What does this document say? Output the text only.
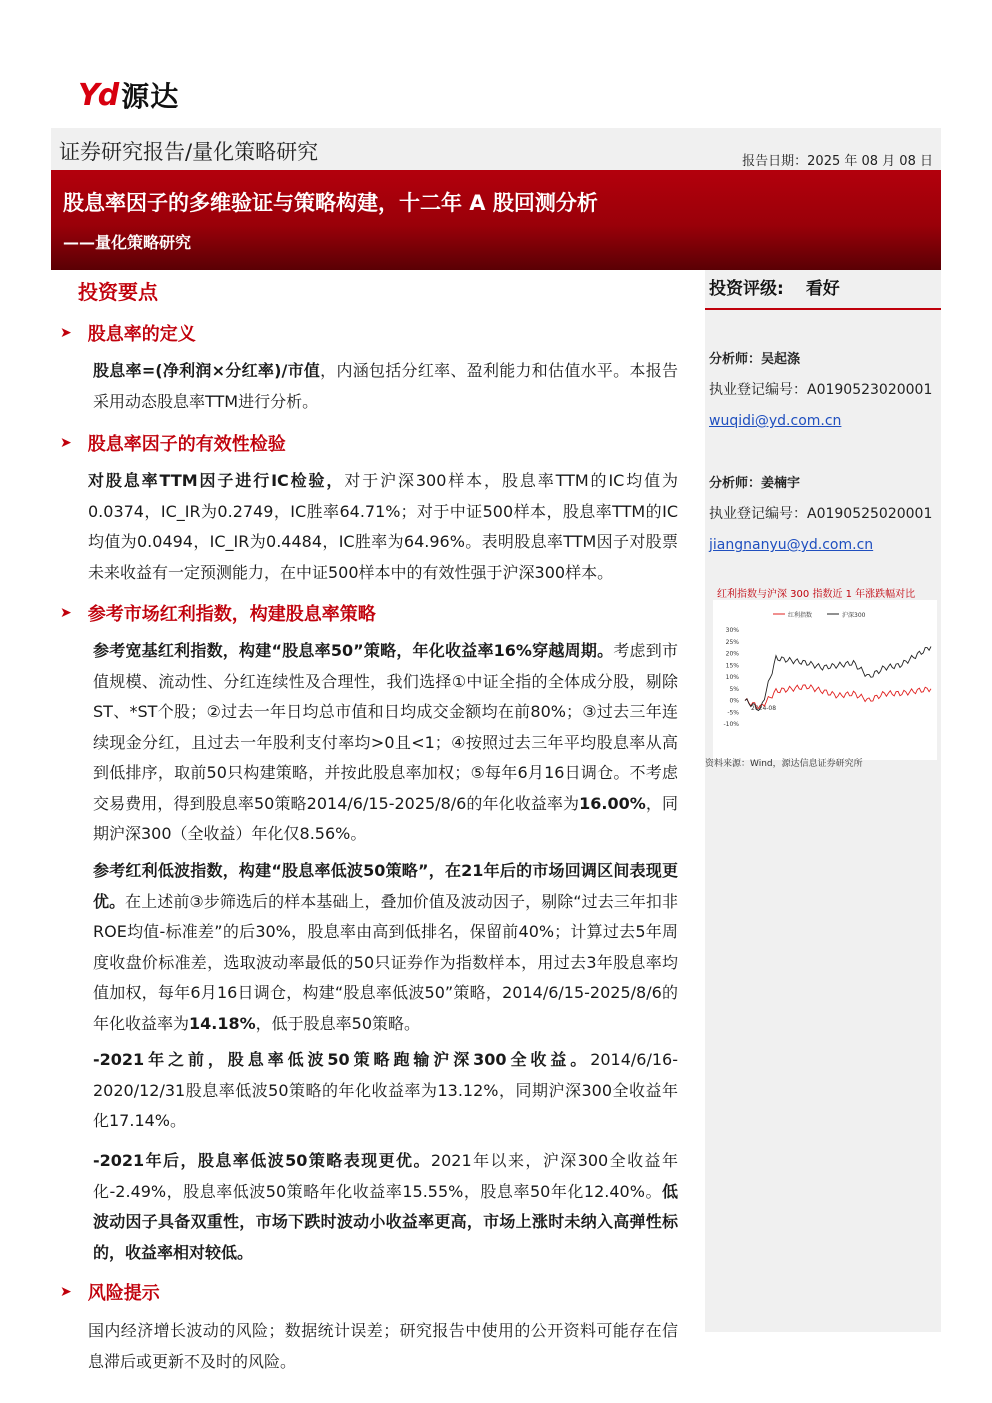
Yd 源达
证券研究报告/量化策略研究	报告日期：2025 年 08 月 08 日
股息率因子的多维验证与策略构建，十二年 A 股回测分析
——量化策略研究
投资评级: 看好
分析师：吴起涤
执业登记编号：A0190523020001
wuqidi@yd.com.cn
分析师：姜楠宇
执业登记编号：A0190525020001
jiangnanyu@yd.com.cn
红利指数与沪深 300 指数近 1 年涨跌幅对比
红利指数	沪深300
30%
25%
20%
15%
10%
5%
0%
-5%
-10%
2024-08
资料来源：Wind，源达信息证券研究所
投资要点
➤ 股息率的定义
股息率=(净利润×分红率)/市值，内涵包括分红率、盈利能力和估值水平。本报告采用动态股息率TTM进行分析。
➤ 股息率因子的有效性检验
对股息率TTM因子进行IC检验，对于沪深300样本，股息率TTM的IC均值为0.0374，IC_IR为0.2749，IC胜率64.71%；对于中证500样本，股息率TTM的IC均值为0.0494，IC_IR为0.4484，IC胜率为64.96%。表明股息率TTM因子对股票未来收益有一定预测能力，在中证500样本中的有效性强于沪深300样本。
➤ 参考市场红利指数，构建股息率策略
参考宽基红利指数，构建“股息率50”策略，年化收益率16%穿越周期。考虑到市值规模、流动性、分红连续性及合理性，我们选择①中证全指的全体成分股，剔除ST、*ST个股；②过去一年日均总市值和日均成交金额均在前80%；③过去三年连续现金分红，且过去一年股利支付率均>0且<1；④按照过去三年平均股息率从高到低排序，取前50只构建策略，并按此股息率加权；⑤每年6月16日调仓。不考虑交易费用，得到股息率50策略2014/6/15-2025/8/6的年化收益率为16.00%，同期沪深300（全收益）年化仅8.56%。
参考红利低波指数，构建“股息率低波50策略”，在21年后的市场回调区间表现更优。在上述前③步筛选后的样本基础上，叠加价值及波动因子，剔除“过去三年扣非ROE均值-标准差”的后30%，股息率由高到低排名，保留前40%；计算过去5年周度收盘价标准差，选取波动率最低的50只证券作为指数样本，用过去3年股息率均值加权，每年6月16日调仓，构建“股息率低波50”策略，2014/6/15-2025/8/6的年化收益率为14.18%，低于股息率50策略。
-2021年之前，股息率低波50策略跑输沪深300全收益。2014/6/16-2020/12/31股息率低波50策略的年化收益率为13.12%，同期沪深300全收益年化17.14%。
-2021年后，股息率低波50策略表现更优。2021年以来，沪深300全收益年化-2.49%，股息率低波50策略年化收益率15.55%，股息率50年化12.40%。低波动因子具备双重性，市场下跌时波动小收益率更高，市场上涨时未纳入高弹性标的，收益率相对较低。
➤ 风险提示
国内经济增长波动的风险；数据统计误差；研究报告中使用的公开资料可能存在信息滞后或更新不及时的风险。
